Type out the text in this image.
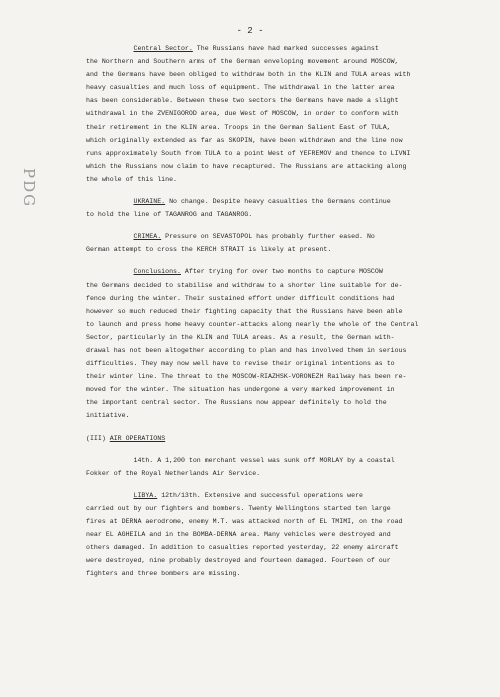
- 2 -
PDG
Central Sector. The Russians have had marked successes against
the Northern and Southern arms of the German enveloping movement around MOSCOW,
and the Germans have been obliged to withdraw both in the KLIN and TULA areas with
heavy casualties and much loss of equipment. The withdrawal in the latter area
has been considerable. Between these two sectors the Germans have made a slight
withdrawal in the ZVENIGOROD area, due West of MOSCOW, in order to conform with
their retirement in the KLIN area. Troops in the German Salient East of TULA,
which originally extended as far as SKOPIN, have been withdrawn and the line now
runs approximately South from TULA to a point West of YEFREMOV and thence to LIVNI
which the Russians now claim to have recaptured. The Russians are attacking along
the whole of this line.
UKRAINE. No change. Despite heavy casualties the Germans continue
to hold the line of TAGANROG and TAGANROG.
CRIMEA. Pressure on SEVASTOPOL has probably further eased. No
German attempt to cross the KERCH STRAIT is likely at present.
Conclusions. After trying for over two months to capture MOSCOW
the Germans decided to stabilise and withdraw to a shorter line suitable for de-
fence during the winter. Their sustained effort under difficult conditions had
however so much reduced their fighting capacity that the Russians have been able
to launch and press home heavy counter-attacks along nearly the whole of the Central
Sector, particularly in the KLIN and TULA areas. As a result, the German with-
drawal has not been altogether according to plan and has involved them in serious
difficulties. They may now well have to revise their original intentions as to
their winter line. The threat to the MOSCOW-RIAZHSK-VORONEZH Railway has been re-
moved for the winter. The situation has undergone a very marked improvement in
the important central sector. The Russians now appear definitely to hold the
initiative.
(III) AIR OPERATIONS
14th. A 1,200 ton merchant vessel was sunk off MORLAY by a coastal
Fokker of the Royal Netherlands Air Service.
LIBYA. 12th/13th. Extensive and successful operations were
carried out by our fighters and bombers. Twenty Wellingtons started ten large
fires at DERNA aerodrome, enemy M.T. was attacked north of EL TMIMI, on the road
near EL AGHEILA and in the BOMBA-DERNA area. Many vehicles were destroyed and
others damaged. In addition to casualties reported yesterday, 22 enemy aircraft
were destroyed, nine probably destroyed and fourteen damaged. Fourteen of our
fighters and three bombers are missing.
